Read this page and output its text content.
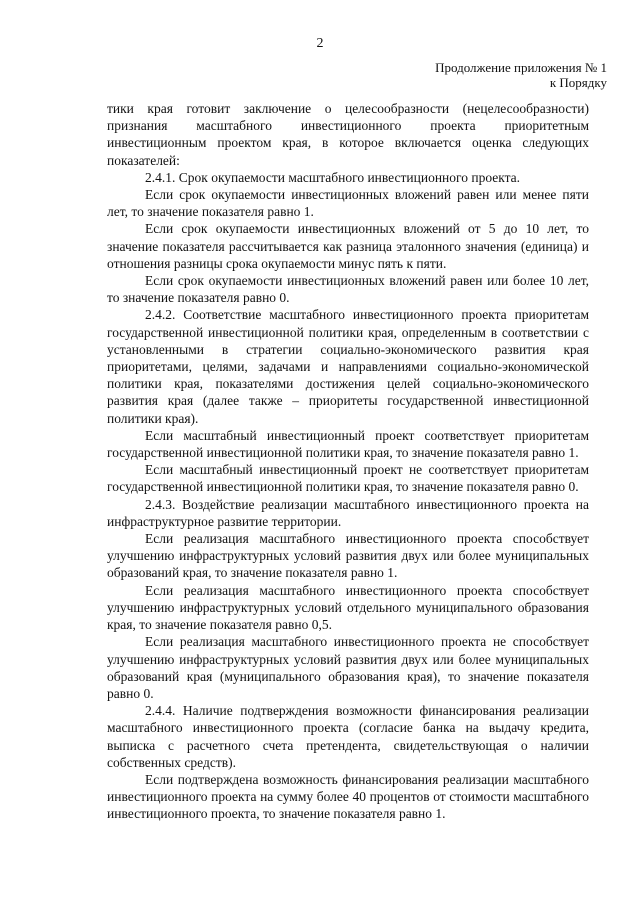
2
Продолжение приложения № 1
к Порядку

тики края готовит заключение о целесообразности (нецелесообразности) признания масштабного инвестиционного проекта приоритетным инвестиционным проектом края, в которое включается оценка следующих показателей:

2.4.1. Срок окупаемости масштабного инвестиционного проекта.

Если срок окупаемости инвестиционных вложений равен или менее пяти лет, то значение показателя равно 1.

Если срок окупаемости инвестиционных вложений от 5 до 10 лет, то значение показателя рассчитывается как разница эталонного значения (единица) и отношения разницы срока окупаемости минус пять к пяти.

Если срок окупаемости инвестиционных вложений равен или более 10 лет, то значение показателя равно 0.

2.4.2. Соответствие масштабного инвестиционного проекта приоритетам государственной инвестиционной политики края, определенным в соответствии с установленными в стратегии социально-экономического развития края приоритетами, целями, задачами и направлениями социально-экономической политики края, показателями достижения целей социально-экономического развития края (далее также – приоритеты государственной инвестиционной политики края).

Если масштабный инвестиционный проект соответствует приоритетам государственной инвестиционной политики края, то значение показателя равно 1.

Если масштабный инвестиционный проект не соответствует приоритетам государственной инвестиционной политики края, то значение показателя равно 0.

2.4.3. Воздействие реализации масштабного инвестиционного проекта на инфраструктурное развитие территории.

Если реализация масштабного инвестиционного проекта способствует улучшению инфраструктурных условий развития двух или более муниципальных образований края, то значение показателя равно 1.

Если реализация масштабного инвестиционного проекта способствует улучшению инфраструктурных условий отдельного муниципального образования края, то значение показателя равно 0,5.

Если реализация масштабного инвестиционного проекта не способствует улучшению инфраструктурных условий развития двух или более муниципальных образований края (муниципального образования края), то значение показателя равно 0.

2.4.4. Наличие подтверждения возможности финансирования реализации масштабного инвестиционного проекта (согласие банка на выдачу кредита, выписка с расчетного счета претендента, свидетельствующая о наличии собственных средств).

Если подтверждена возможность финансирования реализации масштабного инвестиционного проекта на сумму более 40 процентов от стоимости масштабного инвестиционного проекта, то значение показателя равно 1.
